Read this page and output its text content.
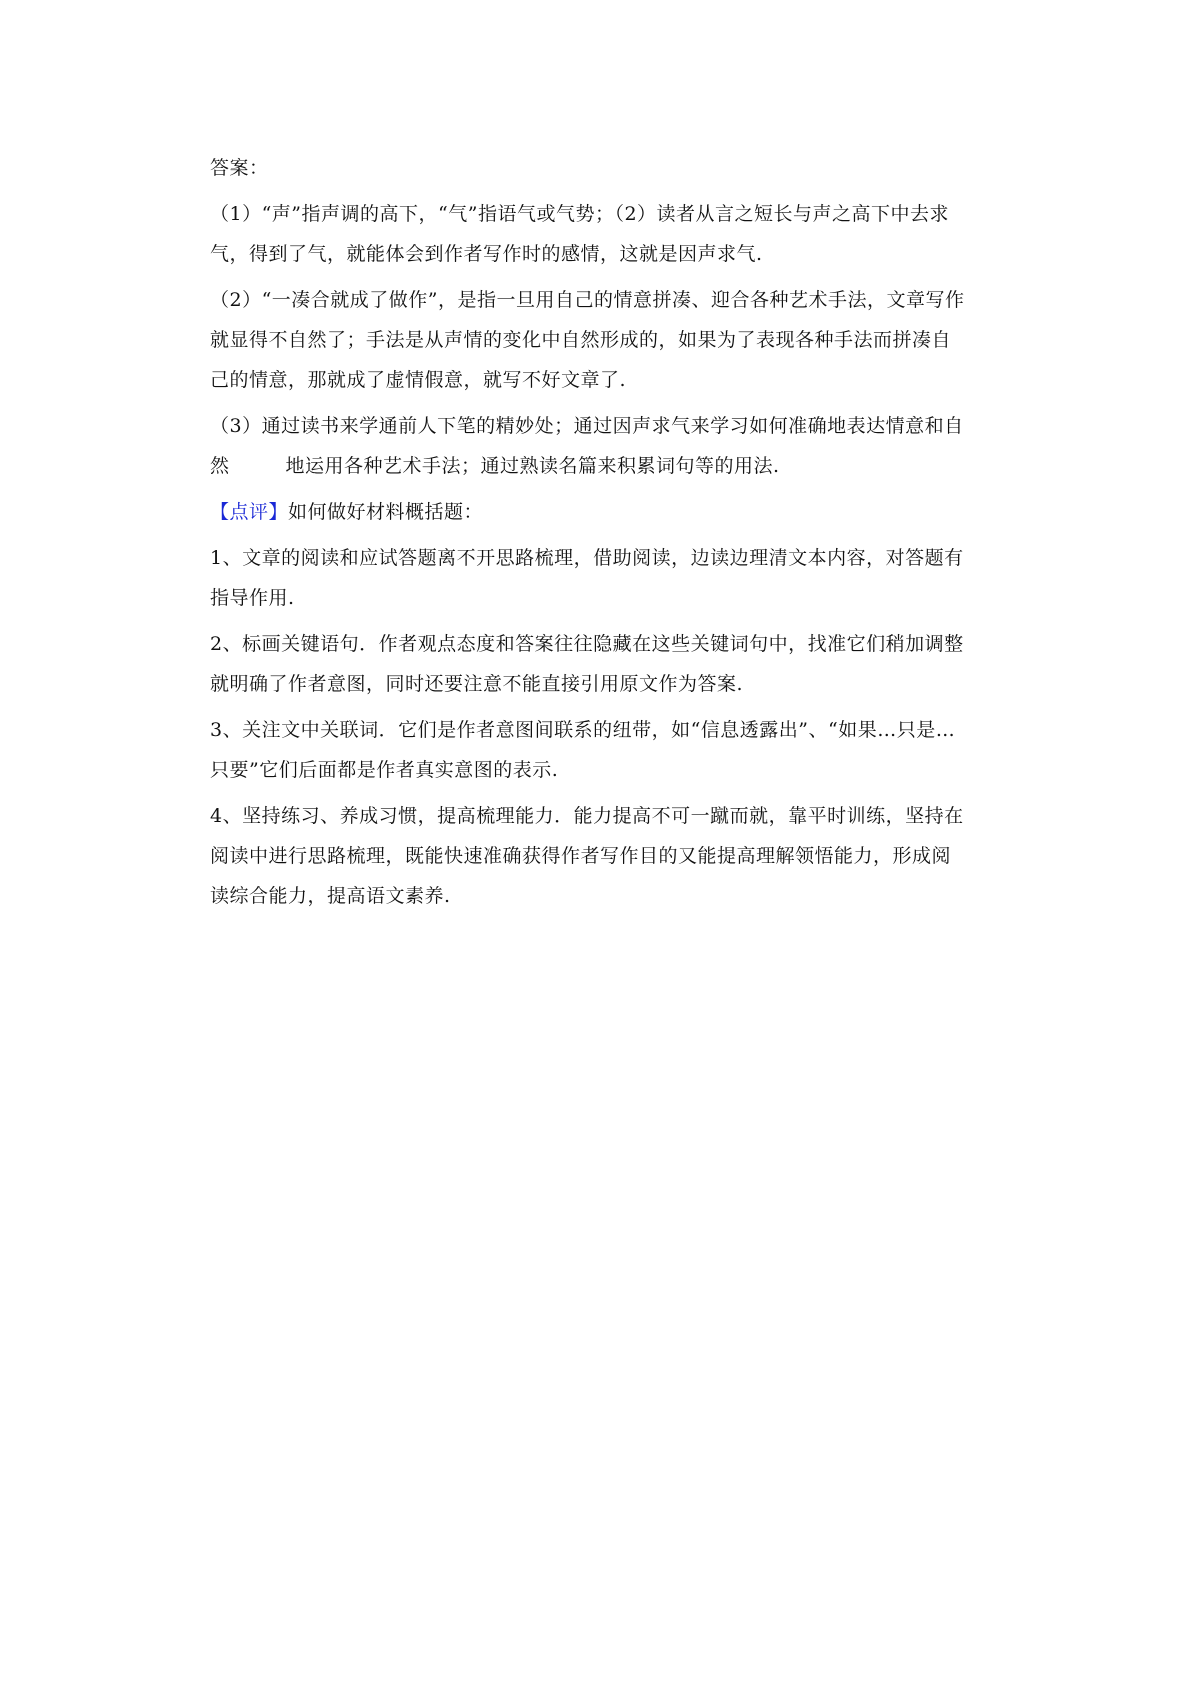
答案：
（1）“声”指声调的高下，“气”指语气或气势；（2）读者从言之短长与声之高下中去求
气，得到了气，就能体会到作者写作时的感情，这就是因声求气.
（2）“一凑合就成了做作”，是指一旦用自己的情意拼凑、迎合各种艺术手法，文章写作
就显得不自然了；手法是从声情的变化中自然形成的，如果为了表现各种手法而拼凑自
己的情意，那就成了虚情假意，就写不好文章了.
（3）通过读书来学通前人下笔的精妙处；通过因声求气来学习如何准确地表达情意和自
然	地运用各种艺术手法；通过熟读名篇来积累词句等的用法.
【点评】如何做好材料概括题：
1、文章的阅读和应试答题离不开思路梳理，借助阅读，边读边理清文本内容，对答题有
指导作用.
2、标画关键语句．作者观点态度和答案往往隐藏在这些关键词句中，找准它们稍加调整
就明确了作者意图，同时还要注意不能直接引用原文作为答案.
3、关注文中关联词．它们是作者意图间联系的纽带，如“信息透露出”、“如果…只是…
只要”它们后面都是作者真实意图的表示.
4、坚持练习、养成习惯，提高梳理能力．能力提高不可一蹴而就，靠平时训练，坚持在
阅读中进行思路梳理，既能快速准确获得作者写作目的又能提高理解领悟能力，形成阅
读综合能力，提高语文素养.
